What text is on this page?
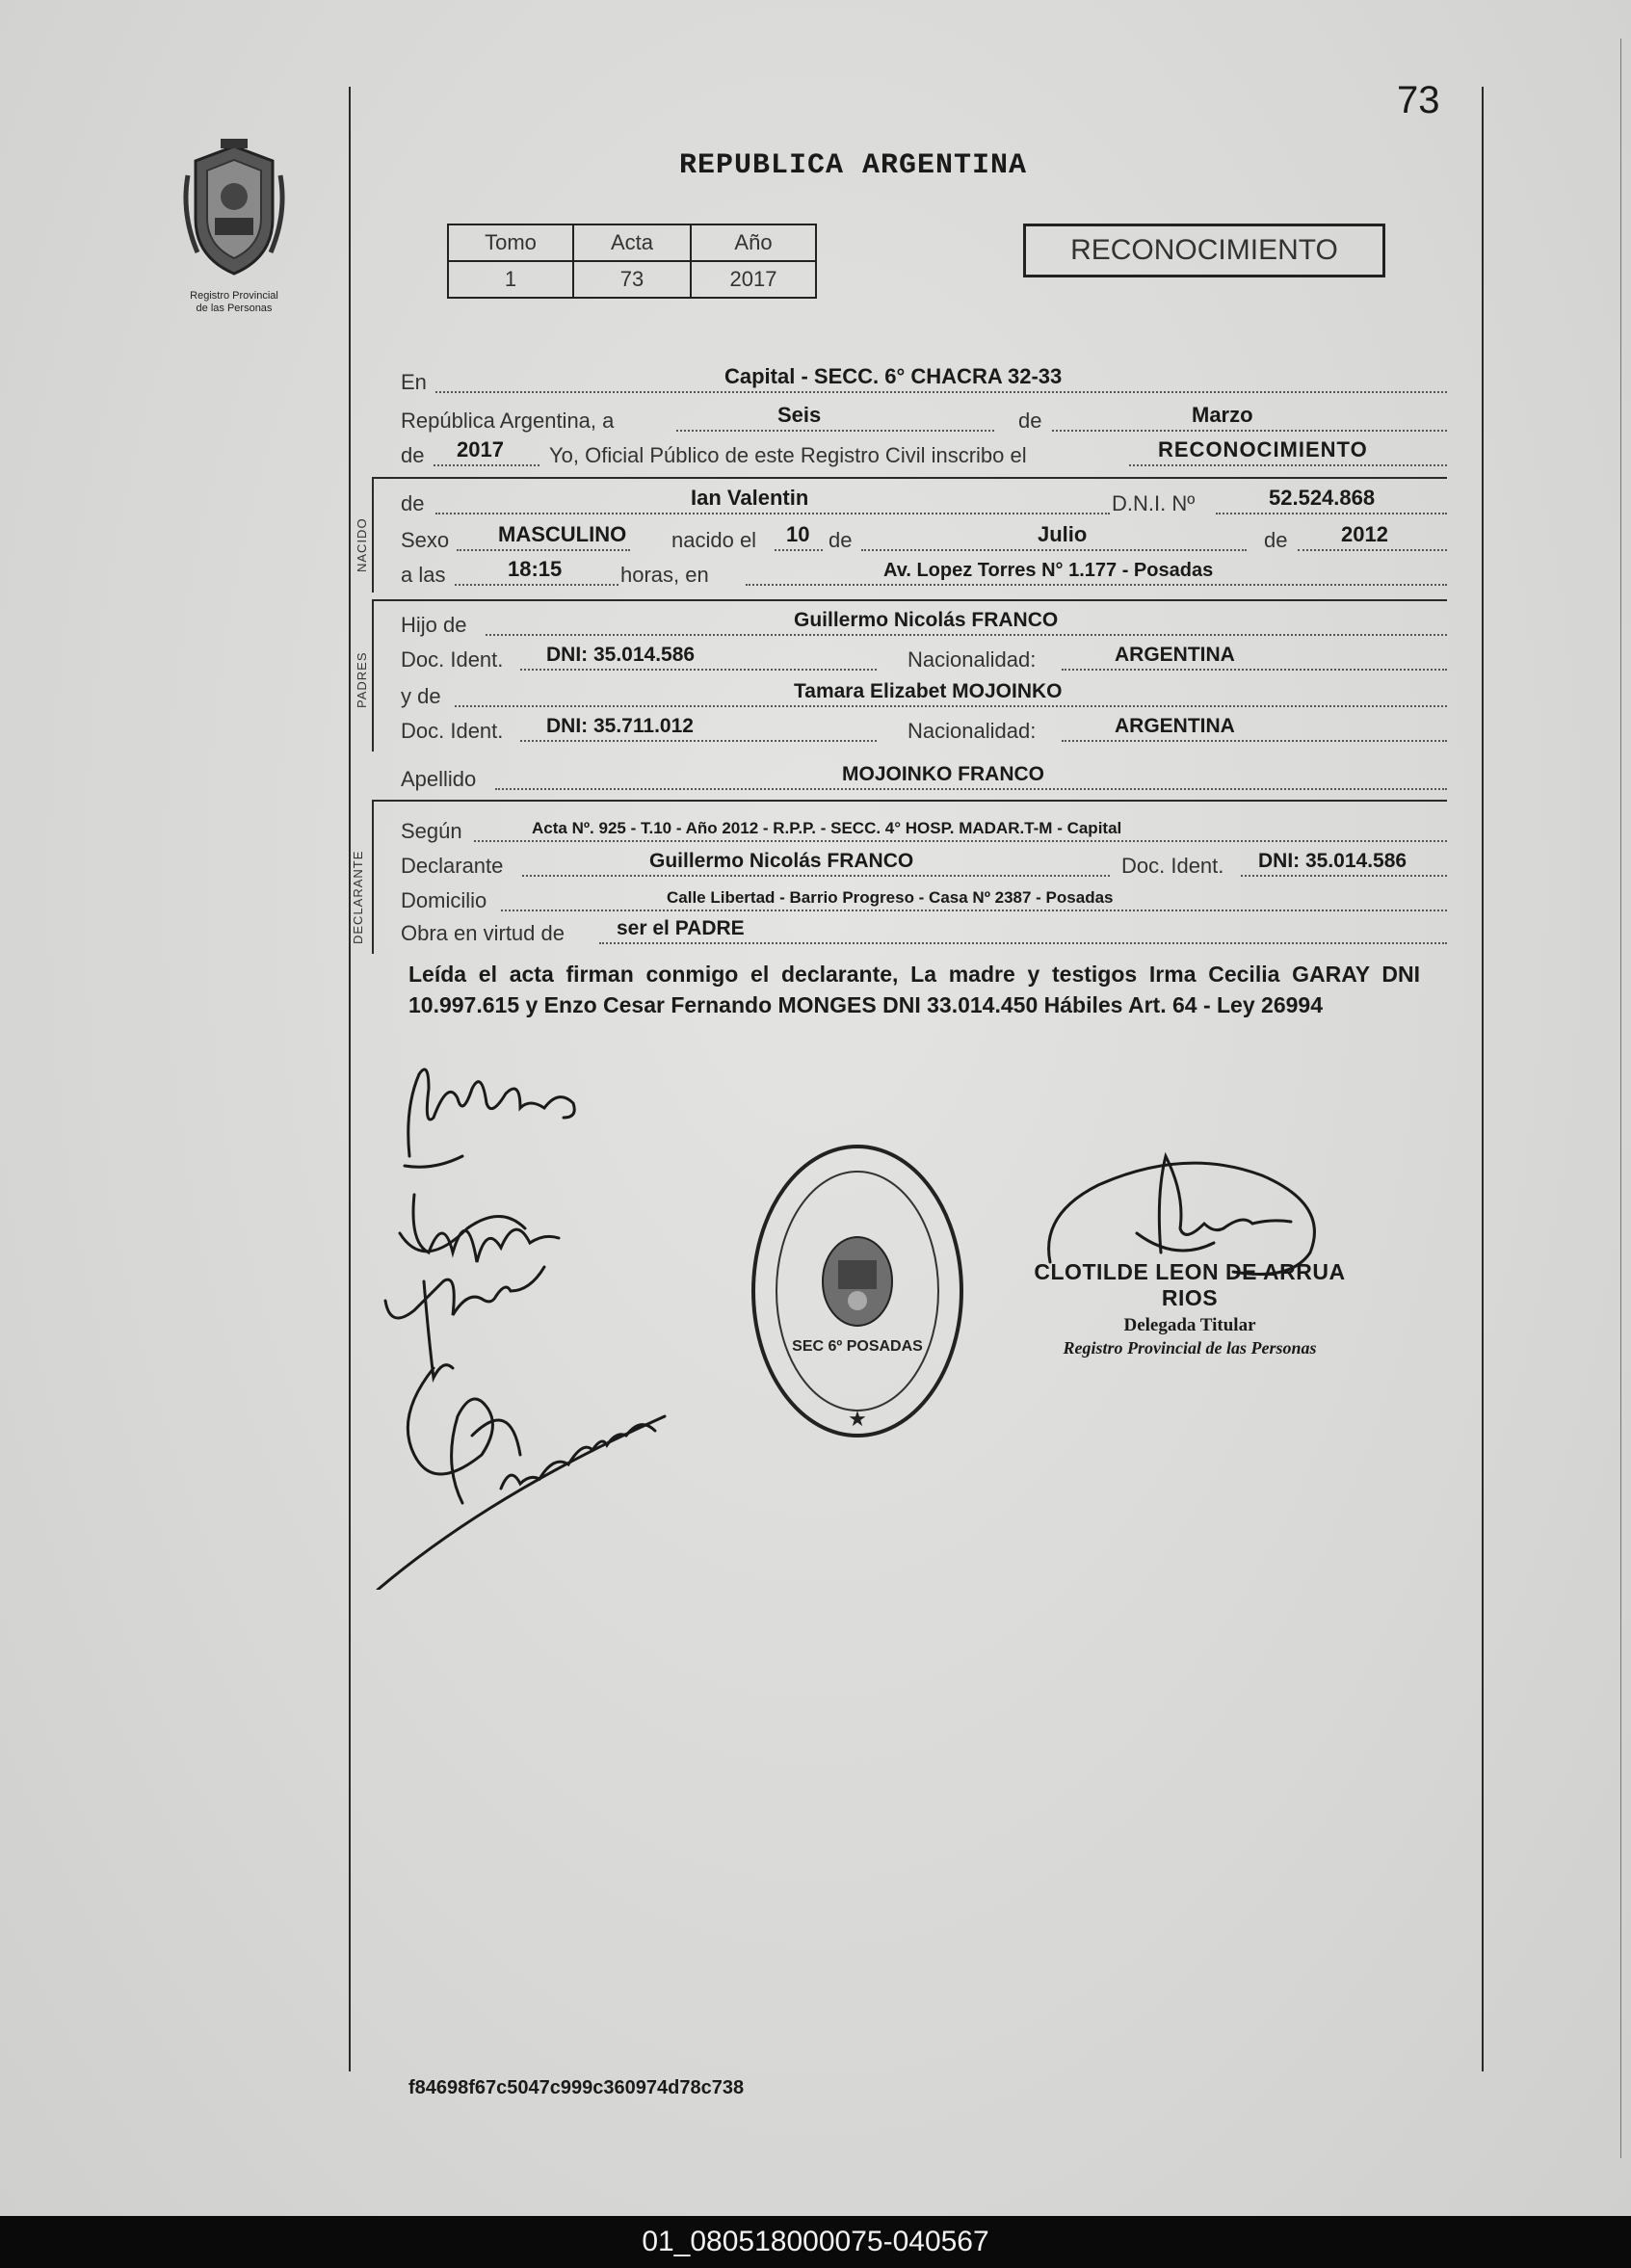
73
Registro Provincial
de las Personas
REPUBLICA ARGENTINA
Tomo	Acta	Año
1	73	2017
RECONOCIMIENTO
En	Capital - SECC. 6° CHACRA 32-33
República Argentina, a	Seis	de	Marzo
de 2017 Yo, Oficial Público de este Registro Civil inscribo el	RECONOCIMIENTO
NACIDO
de	Ian Valentin	D.N.I. Nº	52.524.868
Sexo MASCULINO nacido el 10 de	Julio	de	2012
a las	18:15	horas, en	Av. Lopez Torres N° 1.177 - Posadas
PADRES
Hijo de	Guillermo Nicolás FRANCO
Doc. Ident. DNI: 35.014.586	Nacionalidad:	ARGENTINA
y de	Tamara Elizabet MOJOINKO
Doc. Ident. DNI: 35.711.012	Nacionalidad:	ARGENTINA
Apellido	MOJOINKO FRANCO
DECLARANTE
Según	Acta Nº. 925 - T.10 - Año 2012 - R.P.P. - SECC. 4° HOSP. MADAR.T-M - Capital
Declarante	Guillermo Nicolás FRANCO	Doc. Ident. DNI: 35.014.586
Domicilio	Calle Libertad - Barrio Progreso - Casa Nº 2387 - Posadas
Obra en virtud de	ser el PADRE
Leída el acta firman conmigo el declarante, La madre y testigos Irma Cecilia GARAY DNI 10.997.615 y Enzo Cesar Fernando MONGES DNI 33.014.450 Hábiles Art. 64 - Ley 26994
SEC 6º POSADAS
★
CLOTILDE LEON DE ARRUA RIOS
Delegada Titular
Registro Provincial de las Personas
f84698f67c5047c999c360974d78c738
01_080518000075-040567
